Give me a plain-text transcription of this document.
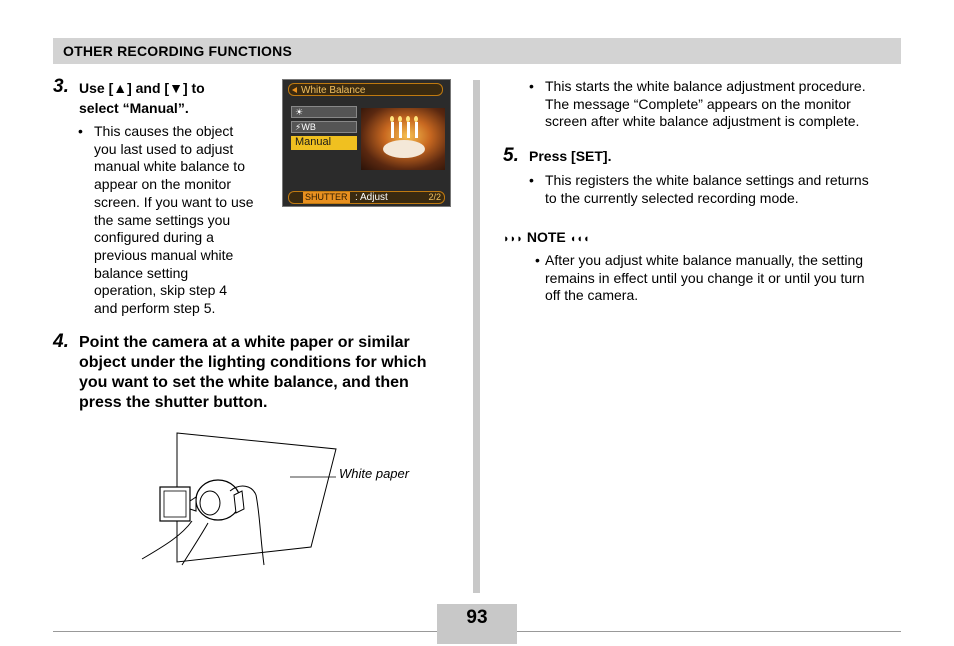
OTHER RECORDING FUNCTIONS
3. Use [▲] and [▼] to
select “Manual”.
• This causes the object
you last used to adjust
manual white balance to
appear on the monitor
screen. If you want to use
the same settings you
configured during a
previous manual white
balance setting
operation, skip step 4
and perform step 5.
White Balance
☀
⚡WB
Manual
SHUTTER : Adjust	2/2
4. Point the camera at a white paper or similar
object under the lighting conditions for which
you want to set the white balance, and then
press the shutter button.
White paper
• This starts the white balance adjustment procedure.
The message “Complete” appears on the monitor
screen after white balance adjustment is complete.
5. Press [SET].
• This registers the white balance settings and returns
to the currently selected recording mode.
◗◗◗ NOTE ◖◖◖
• After you adjust white balance manually, the setting
remains in effect until you change it or until you turn
off the camera.
93
